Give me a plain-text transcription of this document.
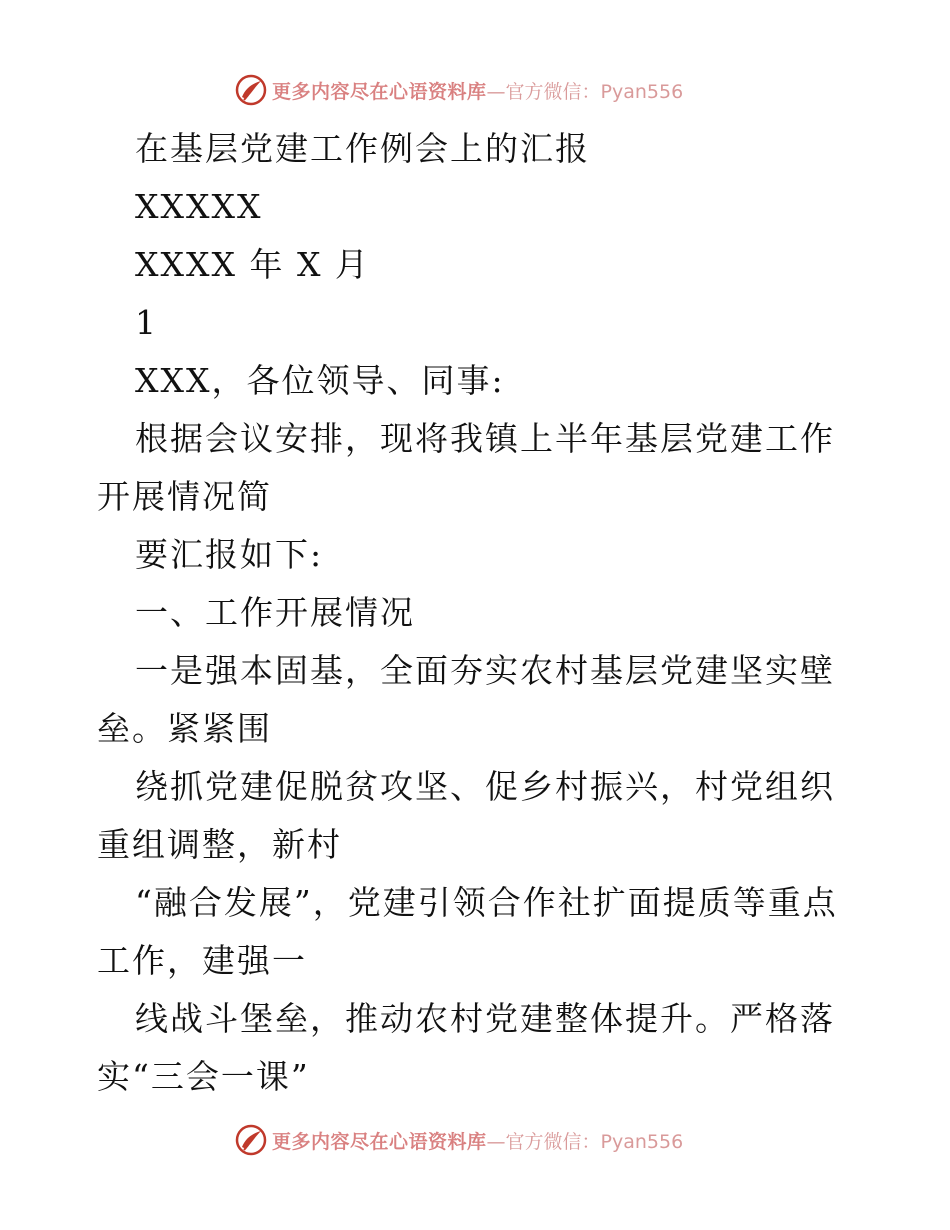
更多内容尽在心语资料库 —官方微信：Pyan556

在基层党建工作例会上的汇报

XXXXX

XXXX 年 X 月

1

XXX，各位领导、同事:

根据会议安排，现将我镇上半年基层党建工作开展情况简

要汇报如下:

一、工作开展情况

一是强本固基，全面夯实农村基层党建坚实壁垒。紧紧围

绕抓党建促脱贫攻坚、促乡村振兴，村党组织重组调整，新村

“融合发展”，党建引领合作社扩面提质等重点工作，建强一

线战斗堡垒，推动农村党建整体提升。严格落实“三会一课”

更多内容尽在心语资料库 —官方微信：Pyan556
